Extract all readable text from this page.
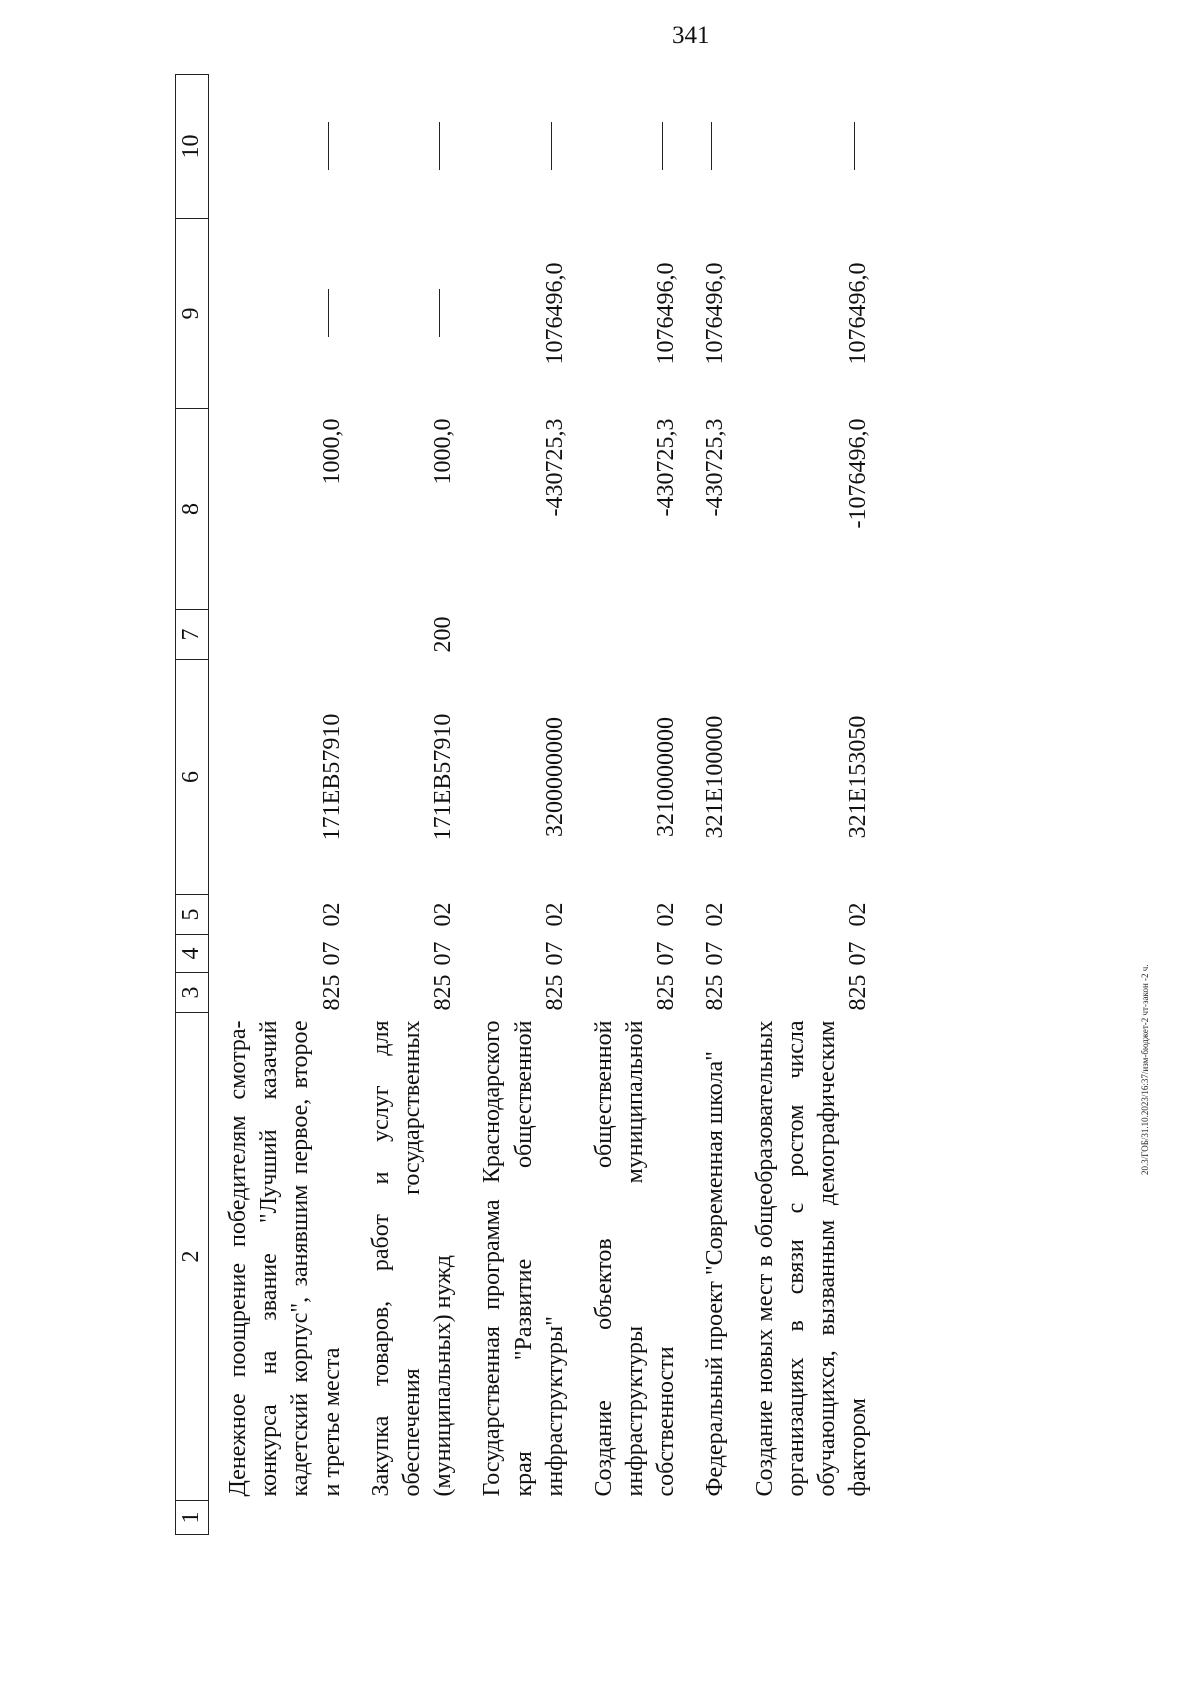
341
1	2	3	4	5	6	7	8	9	10
	Денежное поощрение победителям смотра-конкурса на звание "Лучший казачий кадетский корпус", занявшим первое, второе и третье места	825	07	02	171EB57910		1000,0		
	Закупка товаров, работ и услуг для обеспечения государственных (муниципальных) нужд	825	07	02	171EB57910	200	1000,0		
	Государственная программа Краснодарского края "Развитие общественной инфраструктуры"	825	07	02	3200000000		-430725,3	1076496,0	
	Создание объектов общественной инфраструктуры муниципальной собственности	825	07	02	3210000000		-430725,3	1076496,0	
	Федеральный проект "Современная школа"	825	07	02	321E100000		-430725,3	1076496,0	
	Создание новых мест в общеобразовательных организациях в связи с ростом числа обучающихся, вызванным демографическим фактором	825	07	02	321E153050		-1076496,0	1076496,0	
20.3/ГОБ/31.10.2023/16:37/изм-бюджет-2 чт-закон -2 ч.
